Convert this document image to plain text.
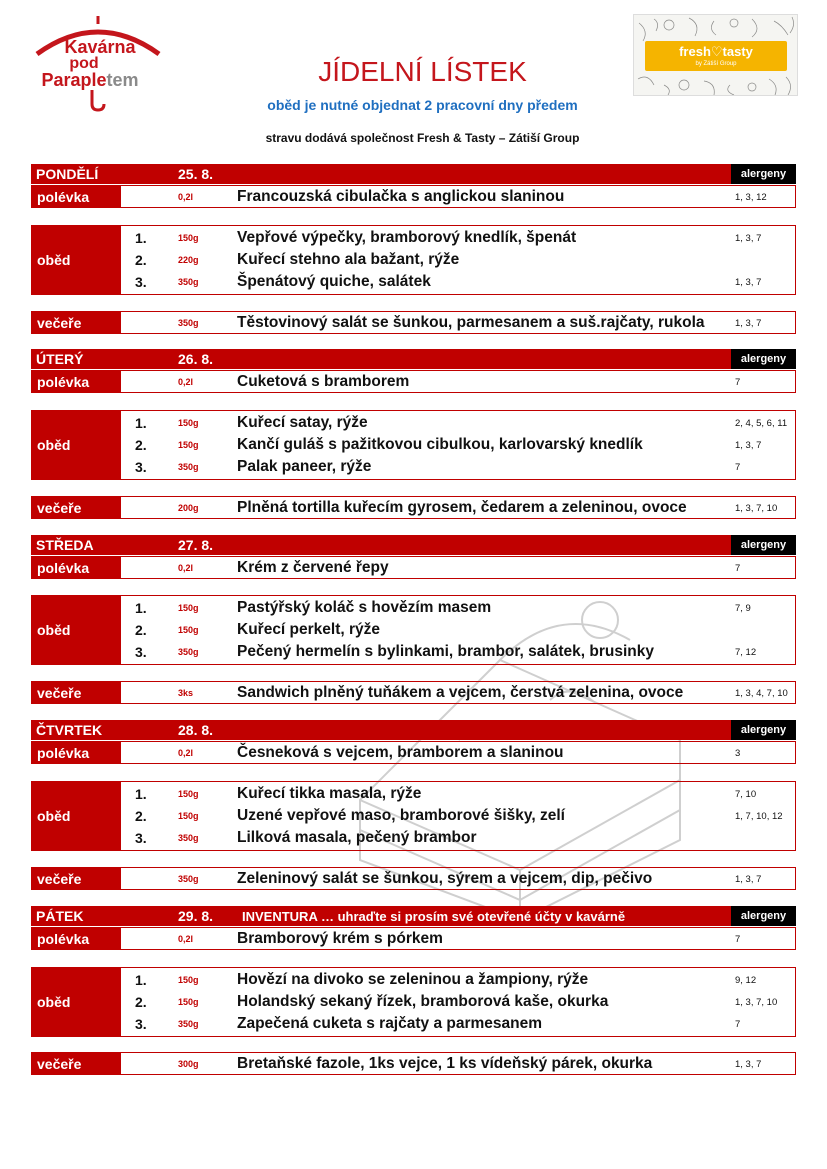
Kavárna
pod
Parapletem
fresh♡tasty
by Zátiší Group
JÍDELNÍ LÍSTEK
oběd je nutné objednat 2 pracovní dny předem
stravu dodává společnost Fresh & Tasty – Zátiší Group
PONDĚLÍ	25. 8.	alergeny
polévka	0,2l	Francouzská cibulačka s anglickou slaninou	1, 3, 12
oběd
1.	150g Vepřové výpečky, bramborový knedlík, špenát	1, 3, 7
2.	220g Kuřecí stehno ala bažant, rýže
3.	350g Špenátový quiche, salátek	1, 3, 7
večeře	350g Těstovinový salát se šunkou, parmesanem a suš.rajčaty, rukola	1, 3, 7
ÚTERÝ	26. 8.	alergeny
polévka	0,2l	Cuketová s bramborem	7
oběd
1.	150g Kuřecí satay, rýže	2, 4, 5, 6, 11
2.	150g Kančí guláš s pažitkovou cibulkou, karlovarský knedlík	1, 3, 7
3.	350g Palak paneer, rýže	7
večeře	200g Plněná tortilla kuřecím gyrosem, čedarem a zeleninou, ovoce	1, 3, 7, 10
STŘEDA	27. 8.	alergeny
polévka	0,2l	Krém z červené řepy	7
oběd
1.	150g Pastýřský koláč s hovězím masem	7, 9
2.	150g Kuřecí perkelt, rýže
3.	350g Pečený hermelín s bylinkami, brambor, salátek, brusinky	7, 12
večeře	3ks	Sandwich plněný tuňákem a vejcem, čerstvá zelenina, ovoce	1, 3, 4, 7, 10
ČTVRTEK	28. 8.	alergeny
polévka	0,2l	Česneková s vejcem, bramborem a slaninou	3
oběd
1.	150g Kuřecí tikka masala, rýže	7, 10
2.	150g Uzené vepřové maso, bramborové šišky, zelí	1, 7, 10, 12
3.	350g Lilková masala, pečený brambor
večeře	350g Zeleninový salát se šunkou, sýrem a vejcem, dip, pečivo	1, 3, 7
PÁTEK	29. 8. INVENTURA … uhraďte si prosím své otevřené účty v kavárně	alergeny
polévka	0,2l	Bramborový krém s pórkem	7
oběd
1.	150g Hovězí na divoko se zeleninou a žampiony, rýže	9, 12
2.	150g Holandský sekaný řízek, bramborová kaše, okurka	1, 3, 7, 10
3.	350g Zapečená cuketa s rajčaty a parmesanem	7
večeře	300g Bretaňské fazole, 1ks vejce, 1 ks vídeňský párek, okurka	1, 3, 7
